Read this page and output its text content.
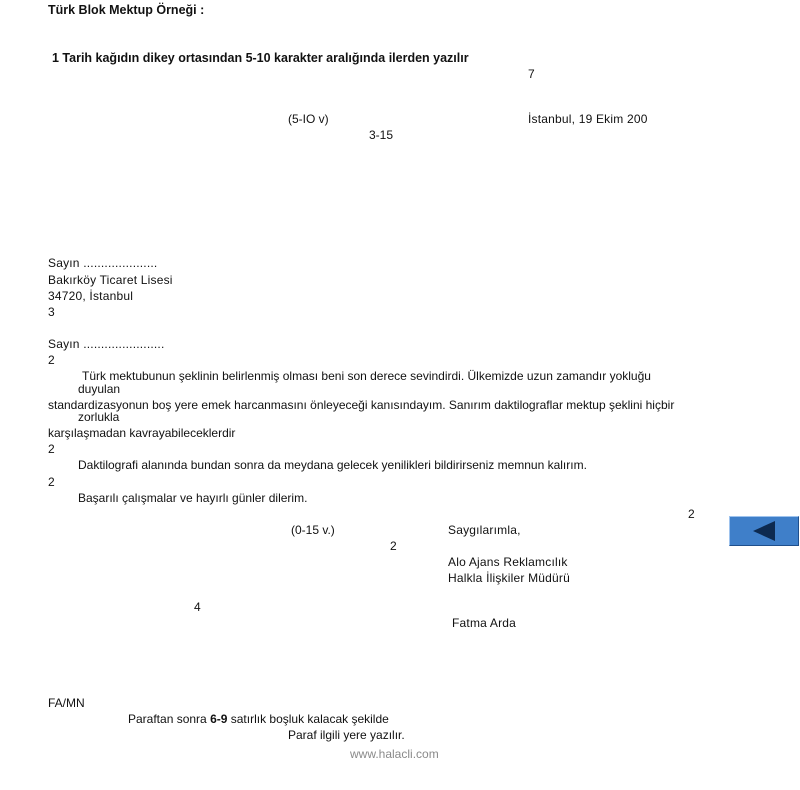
Türk Blok Mektup Örneği :
1 Tarih kağıdın dikey ortasından 5-10 karakter aralığında ilerden yazılır
7
(5-IO v)	İstanbul, 19 Ekim 200
3-15
Sayın .....................
Bakırköy Ticaret Lisesi
34720, İstanbul
3
Sayın .......................
2
Türk mektubunun şeklinin belirlenmiş olması beni son derece sevindirdi. Ülkemizde uzun zamandır yokluğu
duyulan
standardizasyonun boş yere emek harcanmasını önleyeceği kanısındayım. Sanırım daktilograflar mektup şeklini hiçbir
zorlukla
karşılaşmadan kavrayabileceklerdir
2
Daktilografi alanında bundan sonra da meydana gelecek yenilikleri bildirirseniz memnun kalırım.
2
Başarılı çalışmalar ve hayırlı günler dilerim.
2
(0-15 v.)	Saygılarımla,
2
Alo Ajans Reklamcılık
Halkla İlişkiler Müdürü
4
Fatma Arda
FA/MN
Paraftan sonra 6-9 satırlık boşluk kalacak şekilde
Paraf ilgili yere yazılır.
www.halacli.com
